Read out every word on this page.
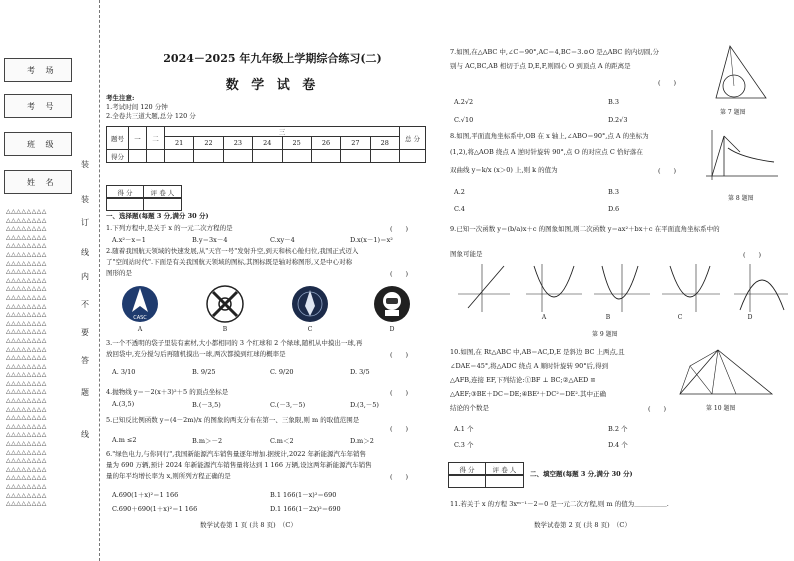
考 场
考 号
班 级
姓 名
△△△△△△△△
△△△△△△△△
△△△△△△△△
△△△△△△△△
△△△△△△△△
△△△△△△△△
△△△△△△△△
△△△△△△△△
△△△△△△△△
△△△△△△△△
△△△△△△△△
△△△△△△△△
△△△△△△△△
△△△△△△△△
△△△△△△△△
△△△△△△△△
△△△△△△△△
△△△△△△△△
△△△△△△△△
△△△△△△△△
△△△△△△△△
△△△△△△△△
△△△△△△△△
△△△△△△△△
△△△△△△△△
△△△△△△△△
△△△△△△△△
△△△△△△△△
△△△△△△△△
△△△△△△△△
△△△△△△△△
△△△△△△△△
△△△△△△△△
△△△△△△△△
△△△△△△△△
装
装
订
线
内
不
要
答
题
线
2024－2025 年九年级上学期综合练习(二)
数 学 试 卷
考生注意:
1.考试时间 120 分钟
2.全卷共三道大题,总分 120 分
题号	一	二	三								总 分
			21	22	23	24	25	26	27	28	
得分											
得 分	评 卷 人
一、选择题(每题 3 分,满分 30 分)
1.下列方程中,是关于 x 的一元二次方程的是	(　　)
A.x²－x＝1	B.y＝3x－4	C.xy－4	D.x(x－1)＝x²
2.随着我国航天领域的快速发展,从"天宫一号"发射升空,到天和核心舱归位,我国正式迈入
了"空间站时代".下面是有关我国航天领域的图标,其图标既是轴对称图形,又是中心对称
图形的是	(　　)
CASC
A	B	C	D
3.一个不透明的袋子里装有素材,大小都相同的 3 个红球和 2 个绿球,随机从中摸出一球,再
放回袋中,充分搅匀后再随机摸出一球,两次都摸到红球的概率是	(　　)
A. 3/10	B. 9/25	C. 9/20	D. 3/5
4.抛物线 y＝－2(x＋3)²＋5 的顶点坐标是	(　　)
A.(3,5)	B.(－3,5)	C.(－3,－5)	D.(3,－5)
5.已知反比例函数 y＝(4－2m)/x 的图象的两支分布在第一、三象限,则 m 的取值范围是
(　　)
A.m ≤2	B.m＞－2	C.m＜2	D.m＞2
6."绿色电力,与你同行",我国新能源汽车销售量逐年增加.据统计,2022 年新能源汽车年销售
量为 690 万辆,预计 2024 年新能源汽车销售量将达到 1 166 万辆,设这两年新能源汽车销售
量的年平均增长率为 x,则所列方程正确的是	(　　)
A.690(1＋x)²＝1 166	B.1 166(1－x)²＝690
C.690＋690(1＋x)²＝1 166	D.1 166(1－2x)²＝690
数学试卷第 1 页 (共 8 页)　（C）
7.如图,在△ABC 中,∠C＝90°,AC＝4,BC＝3.⊙O 是△ABC 的内切圆,分
别与 AC,BC,AB 相切于点 D,E,F,则圆心 O 到顶点 A 的距离是
(　　)
A.2√2	B.3
C.√10	D.2√3
第 7 题图
8.如图,平面直角坐标系中,OB 在 x 轴上,∠ABO＝90°,点 A 的坐标为
(1,2),将△AOB 绕点 A 逆时针旋转 90°,点 O 的对应点 C 恰好落在
双曲线 y＝k/x (x＞0) 上,则 k 的值为	(　　)
A.2	B.3
C.4	D.6
第 8 题图
9.已知一次函数 y＝(b/a)x＋c 的图象如图,则二次函数 y＝ax²＋bx＋c 在平面直角坐标系中的
图象可能是	(　　)
A	B	C	D
第 9 题图
10.如图,在 Rt△ABC 中,AB＝AC,D,E 是斜边 BC 上两点,且
∠DAE＝45°,将△ADC 绕点 A 顺时针旋转 90°后,得到
△AFB,连接 EF,下列结论:①BF ⊥ BC;②△AED ≌
△AEF;③BE＋DC＝DE;④BE²＋DC²＝DE².其中正确
结论的个数是	(　　)
A.1 个	B.2 个
C.3 个	D.4 个
第 10 题图
得 分	评 卷 人
二、填空题(每题 3 分,满分 30 分)
11.若关于 x 的方程 3xᵐ⁻¹－2＝0 是一元二次方程,则 m 的值为＿＿＿＿＿.
数学试卷第 2 页 (共 8 页)　（C）
